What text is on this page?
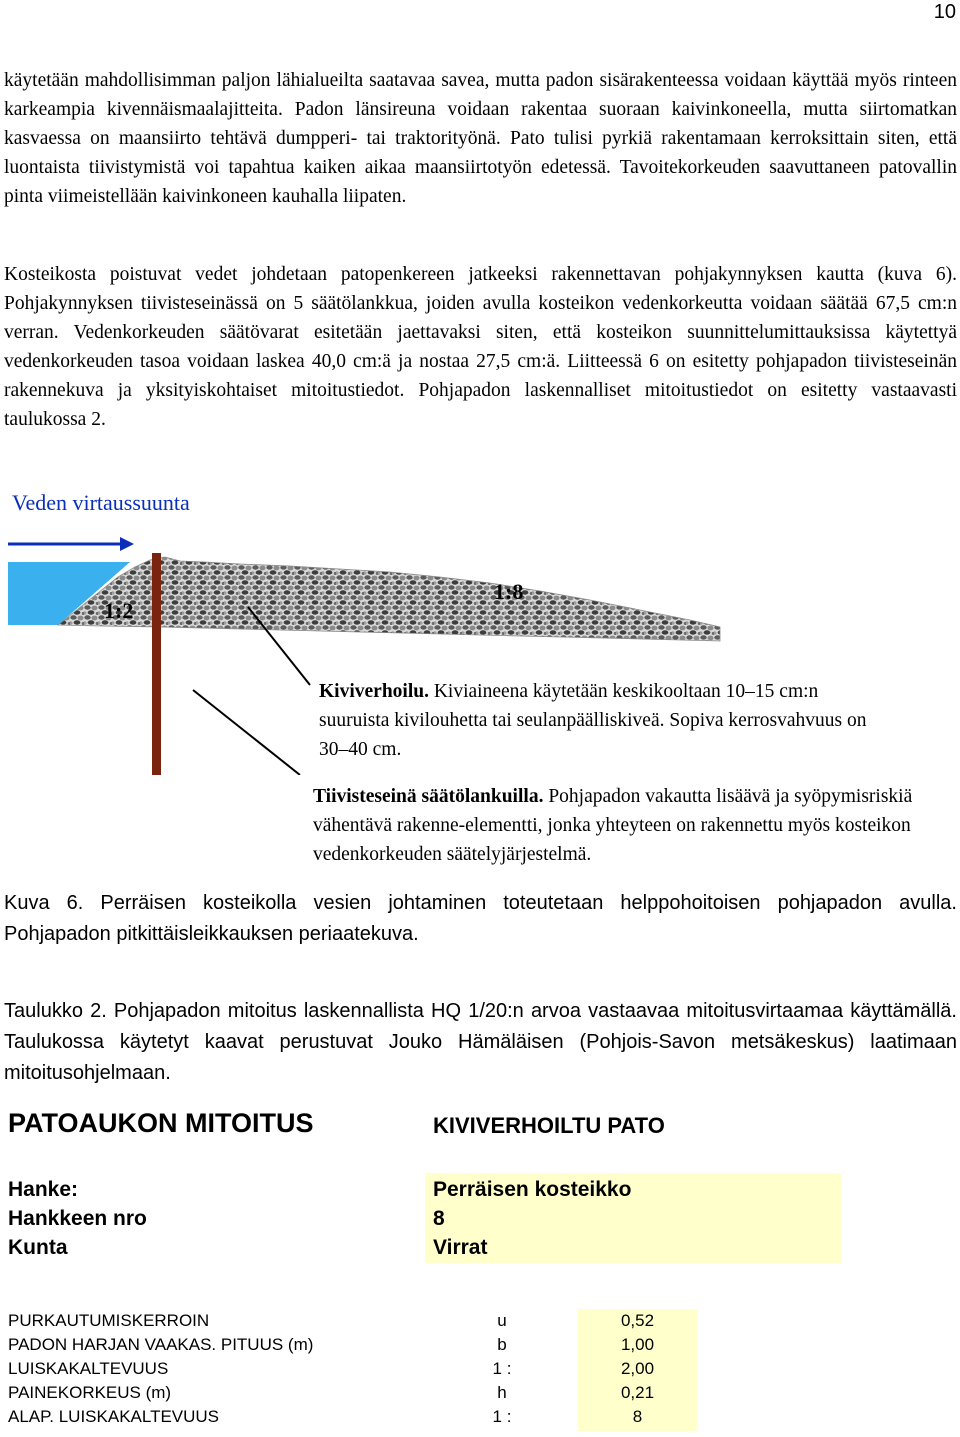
10

käytetään mahdollisimman paljon lähialueilta saatavaa savea, mutta padon sisärakenteessa voidaan käyttää myös rinteen karkeampia kivennäismaalajitteita. Padon länsireuna voidaan rakentaa suoraan kaivinkoneella, mutta siirtomatkan kasvaessa on maansiirto tehtävä dumpperi- tai traktorityönä. Pato tulisi pyrkiä rakentamaan kerroksittain siten, että luontaista tiivistymistä voi tapahtua kaiken aikaa maansiirtotyön edetessä. Tavoitekorkeuden saavuttaneen patovallin pinta viimeistellään kaivinkoneen kauhalla liipaten.

Kosteikosta poistuvat vedet johdetaan patopenkereen jatkeeksi rakennettavan pohjakynnyksen kautta (kuva 6). Pohjakynnyksen tiivisteseinässä on 5 säätölankkua, joiden avulla kosteikon vedenkorkeutta voidaan säätää 67,5 cm:n verran. Vedenkorkeuden säätövarat esitetään jaettavaksi siten, että kosteikon suunnittelumittauksissa käytettyä vedenkorkeuden tasoa voidaan laskea 40,0 cm:ä ja nostaa 27,5 cm:ä. Liitteessä 6 on esitetty pohjapadon tiivisteseinän rakennekuva ja yksityiskohtaiset mitoitustiedot. Pohjapadon laskennalliset mitoitustiedot on esitetty vastaavasti taulukossa 2.

Veden virtaussuunta
1:2
1:8

Kiviverhoilu. Kiviaineena käytetään keskikooltaan 10–15 cm:n suuruista kivilouhetta tai seulanpäälliskiveä. Sopiva kerrosvahvuus on 30–40 cm.

Tiivisteseinä säätölankuilla. Pohjapadon vakautta lisäävä ja syöpymisriskiä vähentävä rakenne-elementti, jonka yhteyteen on rakennettu myös kosteikon vedenkorkeuden säätelyjärjestelmä.

Kuva 6. Perräisen kosteikolla vesien johtaminen toteutetaan helppohoitoisen pohjapadon avulla. Pohjapadon pitkittäisleikkauksen periaatekuva.

Taulukko 2. Pohjapadon mitoitus laskennallista HQ 1/20:n arvoa vastaavaa mitoitusvirtaamaa käyttämällä. Taulukossa käytetyt kaavat perustuvat Jouko Hämäläisen (Pohjois-Savon metsäkeskus) laatimaan mitoitusohjelmaan.

PATOAUKON MITOITUS	KIVIVERHOILTU PATO
Hanke:	Perräisen kosteikko
Hankkeen nro	8
Kunta	Virrat
PURKAUTUMISKERROIN	u	0,52
PADON HARJAN VAAKAS. PITUUS (m)	b	1,00
LUISKAKALTEVUUS	1 :	2,00
PAINEKORKEUS (m)	h	0,21
ALAP. LUISKAKALTEVUUS	1 :	8
